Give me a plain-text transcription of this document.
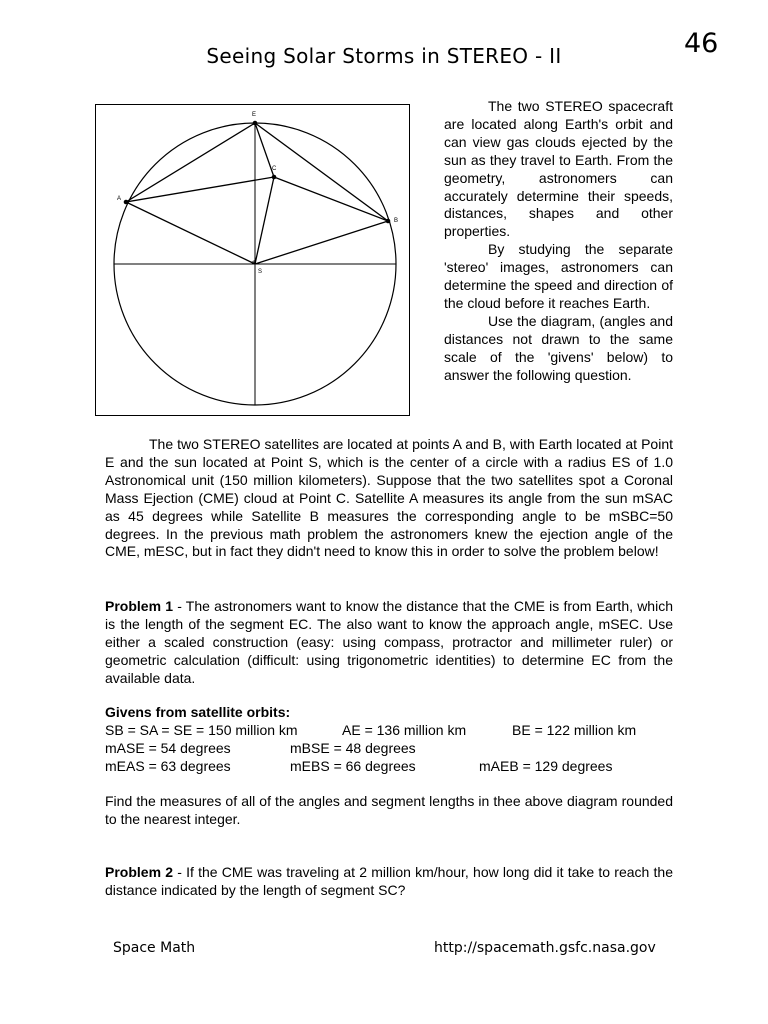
46
Seeing Solar Storms in STEREO - II
*
E
C
A
B
S

The two STEREO spacecraft are located along Earth's orbit and can view gas clouds ejected by the sun as they travel to Earth. From the geometry, astronomers can accurately determine their speeds, distances, shapes and other properties.

By studying the separate 'stereo' images, astronomers can determine the speed and direction of the cloud before it reaches Earth.

Use the diagram, (angles and distances not drawn to the same scale of the 'givens' below) to answer the following question.

The two STEREO satellites are located at points A and B, with Earth located at Point E and the sun located at Point S, which is the center of a circle with a radius ES of 1.0 Astronomical unit (150 million kilometers). Suppose that the two satellites spot a Coronal Mass Ejection (CME) cloud at Point C. Satellite A measures its angle from the sun mSAC as 45 degrees while Satellite B measures the corresponding angle to be mSBC=50 degrees. In the previous math problem the astronomers knew the ejection angle of the CME, mESC, but in fact they didn't need to know this in order to solve the problem below!
Problem 1 - The astronomers want to know the distance that the CME is from Earth, which is the length of the segment EC. The also want to know the approach angle, mSEC. Use either a scaled construction (easy: using compass, protractor and millimeter ruler) or geometric calculation (difficult: using trigonometric identities) to determine EC from the available data.
Givens from satellite orbits:
SB = SA = SE = 150 million km	AE = 136 million km	BE = 122 million km
mASE = 54 degrees	mBSE = 48 degrees
mEAS = 63 degrees	mEBS = 66 degrees	mAEB = 129 degrees
Find the measures of all of the angles and segment lengths in thee above diagram rounded to the nearest integer.
Problem 2 - If the CME was traveling at 2 million km/hour, how long did it take to reach the distance indicated by the length of segment SC?
Space Math	http://spacemath.gsfc.nasa.gov
